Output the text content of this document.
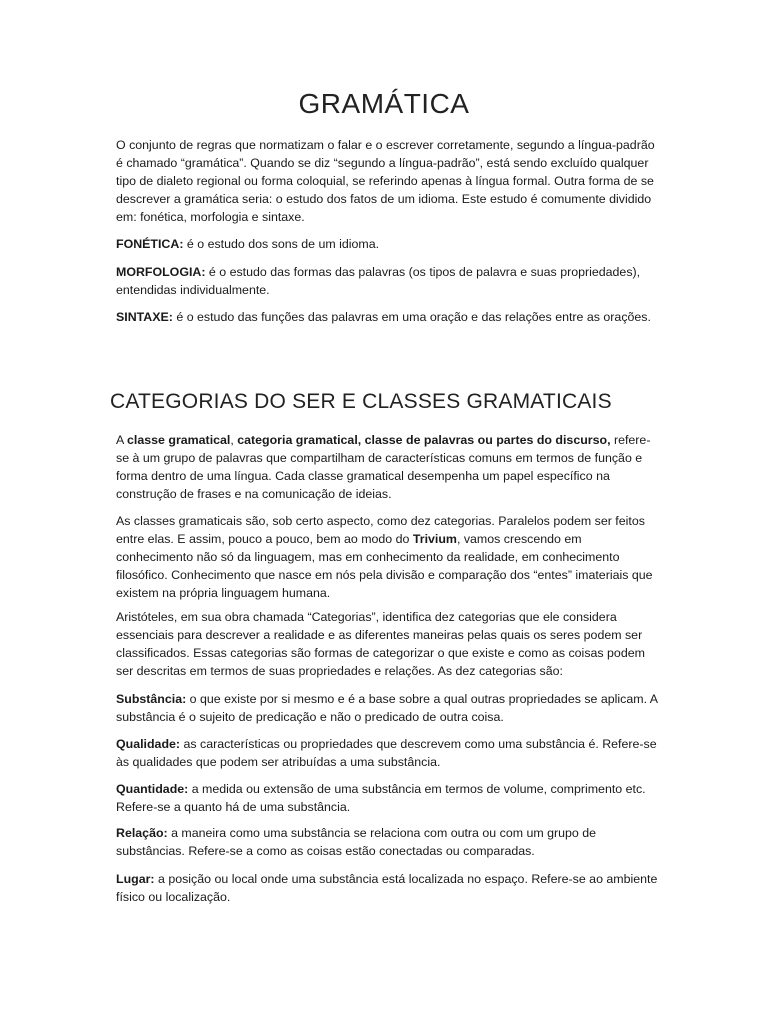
GRAMÁTICA

O conjunto de regras que normatizam o falar e o escrever corretamente, segundo a língua-padrão é chamado “gramática”. Quando se diz “segundo a língua-padrão”, está sendo excluído qualquer tipo de dialeto regional ou forma coloquial, se referindo apenas à língua formal. Outra forma de se descrever a gramática seria: o estudo dos fatos de um idioma. Este estudo é comumente dividido em: fonética, morfologia e sintaxe.

FONÉTICA: é o estudo dos sons de um idioma.

MORFOLOGIA: é o estudo das formas das palavras (os tipos de palavra e suas propriedades), entendidas individualmente.

SINTAXE: é o estudo das funções das palavras em uma oração e das relações entre as orações.

CATEGORIAS DO SER E CLASSES GRAMATICAIS

A classe gramatical, categoria gramatical, classe de palavras ou partes do discurso, refere-se à um grupo de palavras que compartilham de características comuns em termos de função e forma dentro de uma língua. Cada classe gramatical desempenha um papel específico na construção de frases e na comunicação de ideias.

As classes gramaticais são, sob certo aspecto, como dez categorias. Paralelos podem ser feitos entre elas. E assim, pouco a pouco, bem ao modo do Trivium, vamos crescendo em conhecimento não só da linguagem, mas em conhecimento da realidade, em conhecimento filosófico. Conhecimento que nasce em nós pela divisão e comparação dos “entes” imateriais que existem na própria linguagem humana.

Aristóteles, em sua obra chamada “Categorias”, identifica dez categorias que ele considera essenciais para descrever a realidade e as diferentes maneiras pelas quais os seres podem ser classificados. Essas categorias são formas de categorizar o que existe e como as coisas podem ser descritas em termos de suas propriedades e relações. As dez categorias são:

Substância: o que existe por si mesmo e é a base sobre a qual outras propriedades se aplicam. A substância é o sujeito de predicação e não o predicado de outra coisa.

Qualidade: as características ou propriedades que descrevem como uma substância é. Refere-se às qualidades que podem ser atribuídas a uma substância.

Quantidade: a medida ou extensão de uma substância em termos de volume, comprimento etc. Refere-se a quanto há de uma substância.

Relação: a maneira como uma substância se relaciona com outra ou com um grupo de substâncias. Refere-se a como as coisas estão conectadas ou comparadas.

Lugar: a posição ou local onde uma substância está localizada no espaço. Refere-se ao ambiente físico ou localização.
